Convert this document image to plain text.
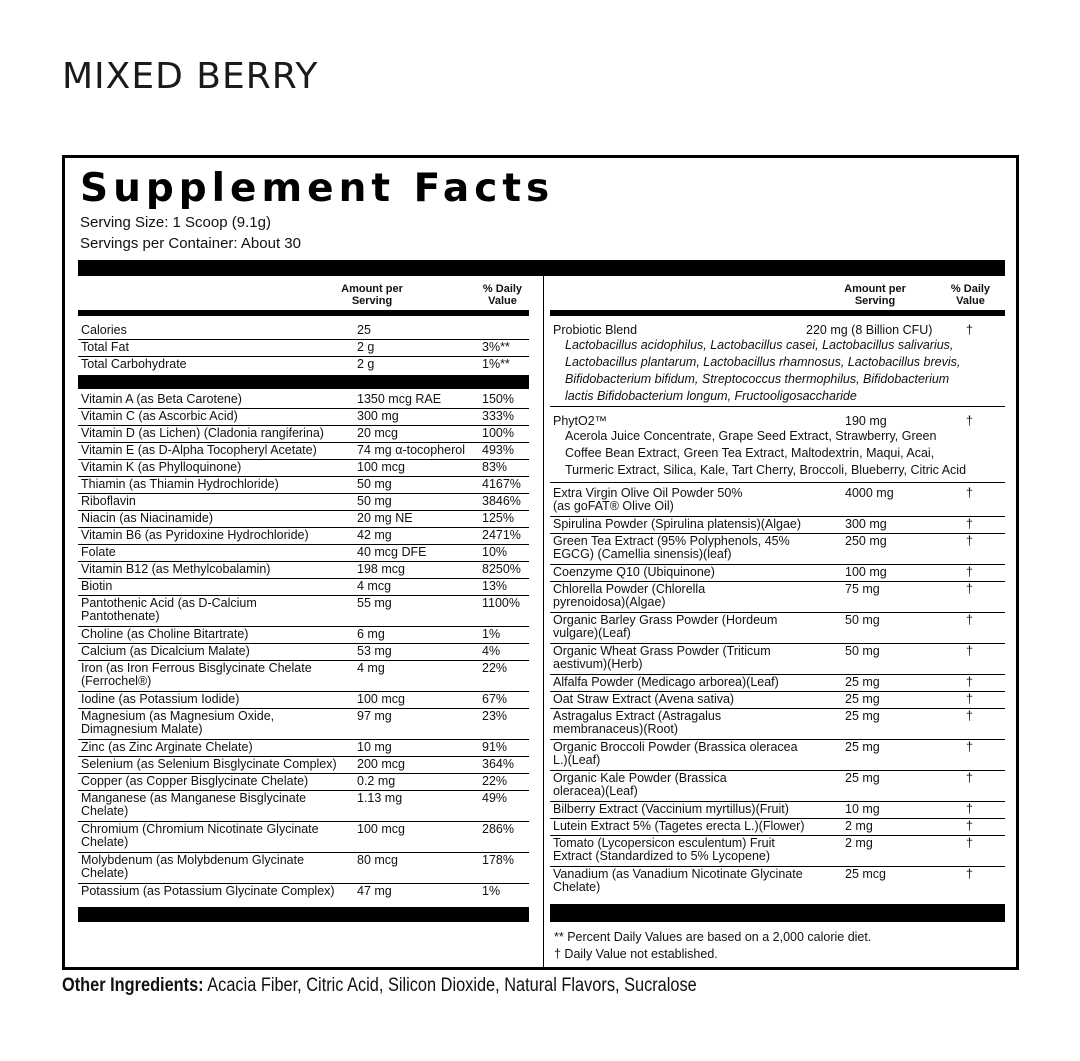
MIXED BERRY
Supplement Facts
Serving Size: 1 Scoop (9.1g)
Servings per Container: About 30
Amount per Serving
% Daily Value
Amount per Serving
% Daily Value
Calories	25
Total Fat	2 g	3%**
Total Carbohydrate	2 g	1%**
Vitamin A (as Beta Carotene)	1350 mcg RAE	150%
Vitamin C (as Ascorbic Acid)	300 mg	333%
Vitamin D (as Lichen) (Cladonia rangiferina)	20 mcg	100%
Vitamin E (as D-Alpha Tocopheryl Acetate)	74 mg α-tocopherol 493%
Vitamin K (as Phylloquinone)	100 mcg	83%
Thiamin (as Thiamin Hydrochloride)	50 mg	4167%
Riboflavin	50 mg	3846%
Niacin (as Niacinamide)	20 mg NE	125%
Vitamin B6 (as Pyridoxine Hydrochloride)	42 mg	2471%
Folate	40 mcg DFE	10%
Vitamin B12 (as Methylcobalamin)	198 mcg	8250%
Biotin	4 mcg	13%
Pantothenic Acid (as D-Calcium
Pantothenate)
55 mg	1100%
Choline (as Choline Bitartrate)	6 mg	1%
Calcium (as Dicalcium Malate)	53 mg	4%
Iron (as Iron Ferrous Bisglycinate Chelate
(Ferrochel®)
4 mg	22%
Iodine (as Potassium Iodide)	100 mcg	67%
Magnesium (as Magnesium Oxide,
Dimagnesium Malate)
97 mg	23%
Zinc (as Zinc Arginate Chelate)	10 mg	91%
Selenium (as Selenium Bisglycinate Complex) 200 mcg	364%
Copper (as Copper Bisglycinate Chelate)	0.2 mg	22%
Manganese (as Manganese Bisglycinate
Chelate)
1.13 mg	49%
Chromium (Chromium Nicotinate Glycinate
Chelate)
100 mcg	286%
Molybdenum (as Molybdenum Glycinate
Chelate)
80 mcg	178%
Potassium (as Potassium Glycinate Complex) 47 mg	1%
Probiotic Blend	220 mg (8 Billion CFU)	†
Lactobacillus acidophilus, Lactobacillus casei, Lactobacillus salivarius,
Lactobacillus plantarum, Lactobacillus rhamnosus, Lactobacillus brevis,
Bifidobacterium bifidum, Streptococcus thermophilus, Bifidobacterium
lactis Bifidobacterium longum, Fructooligosaccharide
PhytO2™	190 mg	†
Acerola Juice Concentrate, Grape Seed Extract, Strawberry, Green
Coffee Bean Extract, Green Tea Extract, Maltodextrin, Maqui, Acai,
Turmeric Extract, Silica, Kale, Tart Cherry, Broccoli, Blueberry, Citric Acid
Extra Virgin Olive Oil Powder 50%
(as goFAT® Olive Oil)
4000 mg	†
Spirulina Powder (Spirulina platensis)(Algae)	300 mg	†
Green Tea Extract (95% Polyphenols, 45%
EGCG) (Camellia sinensis)(leaf)
250 mg	†
Coenzyme Q10 (Ubiquinone)	100 mg	†
Chlorella Powder (Chlorella
pyrenoidosa)(Algae)
75 mg	†
Organic Barley Grass Powder (Hordeum
vulgare)(Leaf)
50 mg	†
Organic Wheat Grass Powder (Triticum
aestivum)(Herb)
50 mg	†
Alfalfa Powder (Medicago arborea)(Leaf)	25 mg	†
Oat Straw Extract (Avena sativa)	25 mg	†
Astragalus Extract (Astragalus
membranaceus)(Root)
25 mg	†
Organic Broccoli Powder (Brassica oleracea
L.)(Leaf)
25 mg	†
Organic Kale Powder (Brassica
oleracea)(Leaf)
25 mg	†
Bilberry Extract (Vaccinium myrtillus)(Fruit)	10 mg	†
Lutein Extract 5% (Tagetes erecta L.)(Flower)	2 mg	†
Tomato (Lycopersicon esculentum) Fruit
Extract (Standardized to 5% Lycopene)
2 mg	†
Vanadium (as Vanadium Nicotinate Glycinate
Chelate)
25 mcg	†
** Percent Daily Values are based on a 2,000 calorie diet.
† Daily Value not established.
Other Ingredients: Acacia Fiber, Citric Acid, Silicon Dioxide, Natural Flavors, Sucralose
